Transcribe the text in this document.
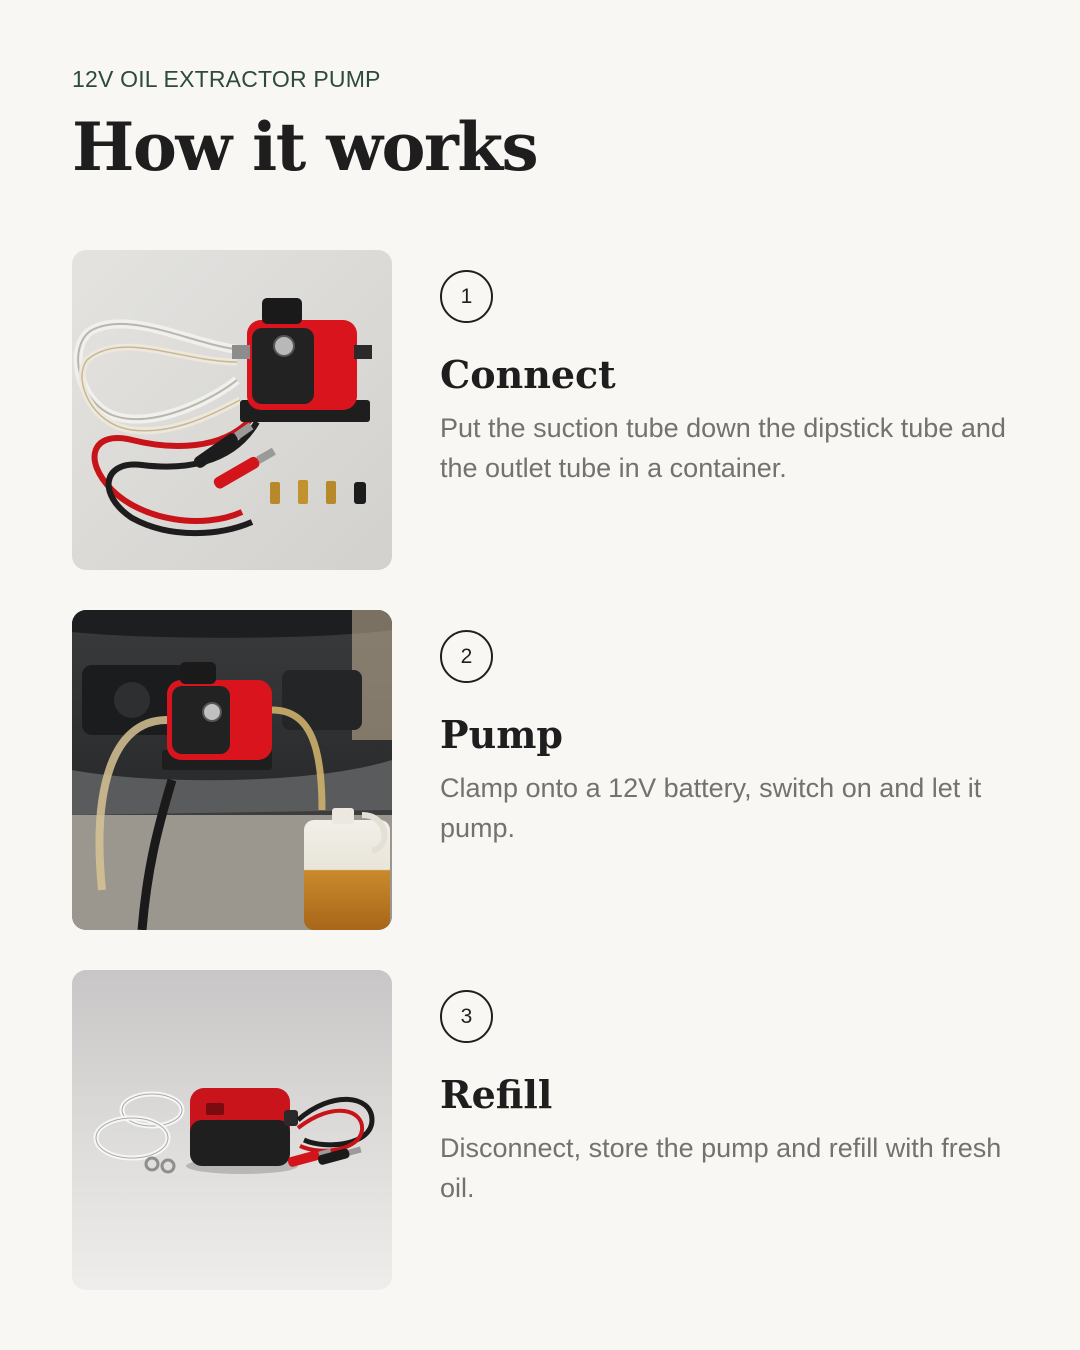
12V OIL EXTRACTOR PUMP
How it works
1
Connect

Put the suction tube down the dipstick tube and the outlet tube in a container.

2
Pump

Clamp onto a 12V battery, switch on and let it pump.

3
Refill

Disconnect, store the pump and refill with fresh oil.
